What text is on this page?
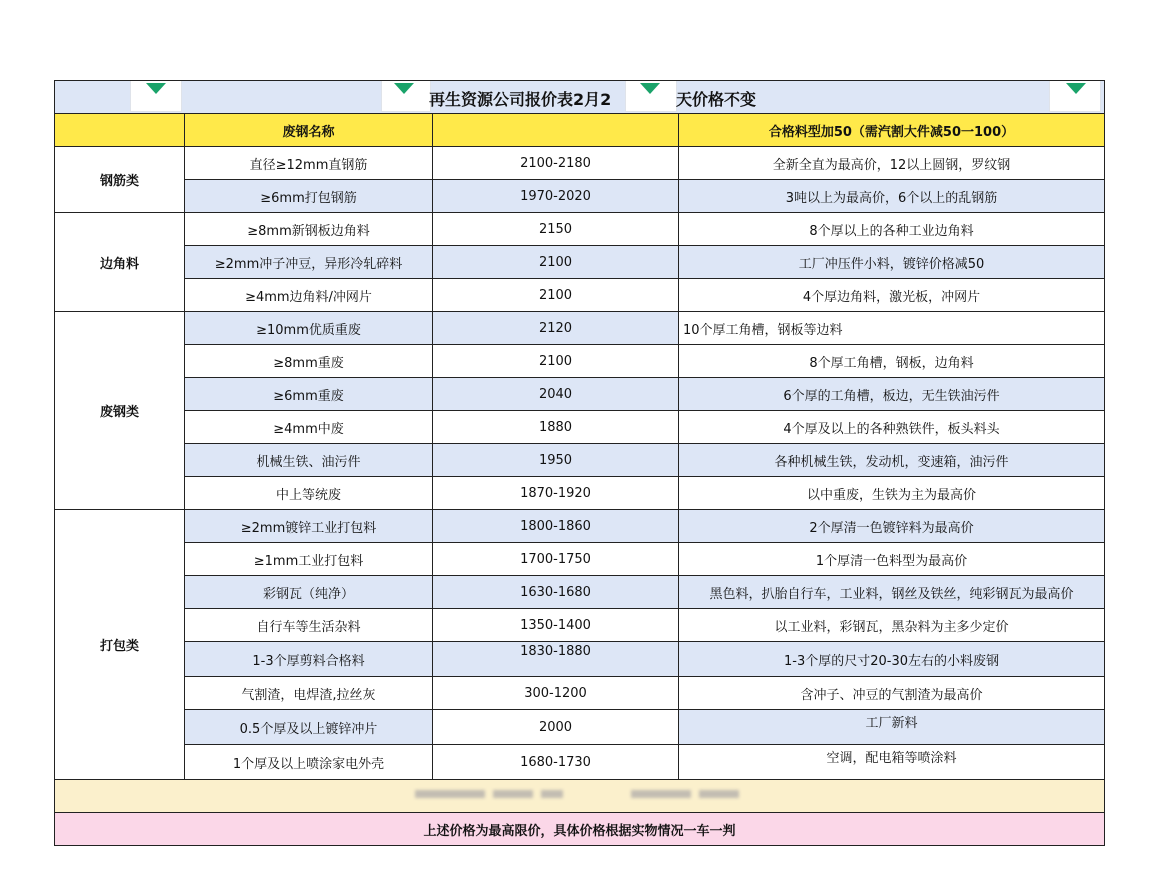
再生资源公司报价表2月2 天价格不变			

	废钢名称		合格料型加50（需汽割大件减50一100）
钢筋类	直径≥12mm直钢筋	2100-2180	全新全直为最高价，12以上圆钢，罗纹钢
	≥6mm打包钢筋	1970-2020	3吨以上为最高价，6个以上的乱钢筋
边角料	≥8mm新钢板边角料	2150	8个厚以上的各种工业边角料
	≥2mm冲子冲豆，异形冷轧碎料	2100	工厂冲压件小料，镀锌价格减50
	≥4mm边角料/冲网片	2100	4个厚边角料，激光板，冲网片
废钢类	≥10mm优质重废	2120	10个厚工角槽，钢板等边料
	≥8mm重废	2100	8个厚工角槽，钢板，边角料
	≥6mm重废	2040	6个厚的工角槽，板边，无生铁油污件
	≥4mm中废	1880	4个厚及以上的各种熟铁件，板头料头
	机械生铁、油污件	1950	各种机械生铁，发动机，变速箱，油污件
	中上等统废	1870-1920	以中重废，生铁为主为最高价
打包类	≥2mm镀锌工业打包料	1800-1860	2个厚清一色镀锌料为最高价
	≥1mm工业打包料	1700-1750	1个厚清一色料型为最高价
	彩钢瓦（纯净）	1630-1680	黑色料，扒胎自行车，工业料，钢丝及铁丝，纯彩钢瓦为最高价
	自行车等生活杂料	1350-1400	以工业料，彩钢瓦，黑杂料为主多少定价
	1-3个厚剪料合格料	1830-1880	1-3个厚的尺寸20-30左右的小料废钢
	气割渣，电焊渣,拉丝灰	300-1200	含冲子、冲豆的气割渣为最高价
	0.5个厚及以上镀锌冲片	2000	工厂新料
	1个厚及以上喷涂家电外壳	1680-1730	空调，配电箱等喷涂料

上述价格为最高限价，具体价格根据实物情况一车一判			
